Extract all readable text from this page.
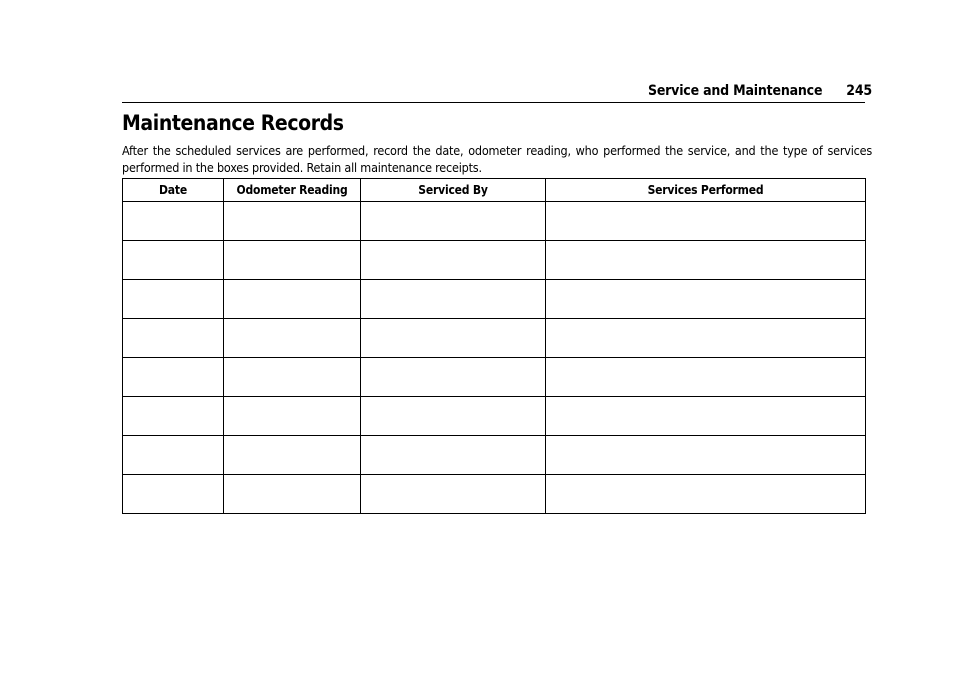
Service and Maintenance 245
Maintenance Records

After the scheduled services are performed, record the date, odometer reading, who performed the service, and the type of services performed in the boxes provided. Retain all maintenance receipts.

Date	Odometer Reading	Serviced By	Services Performed
